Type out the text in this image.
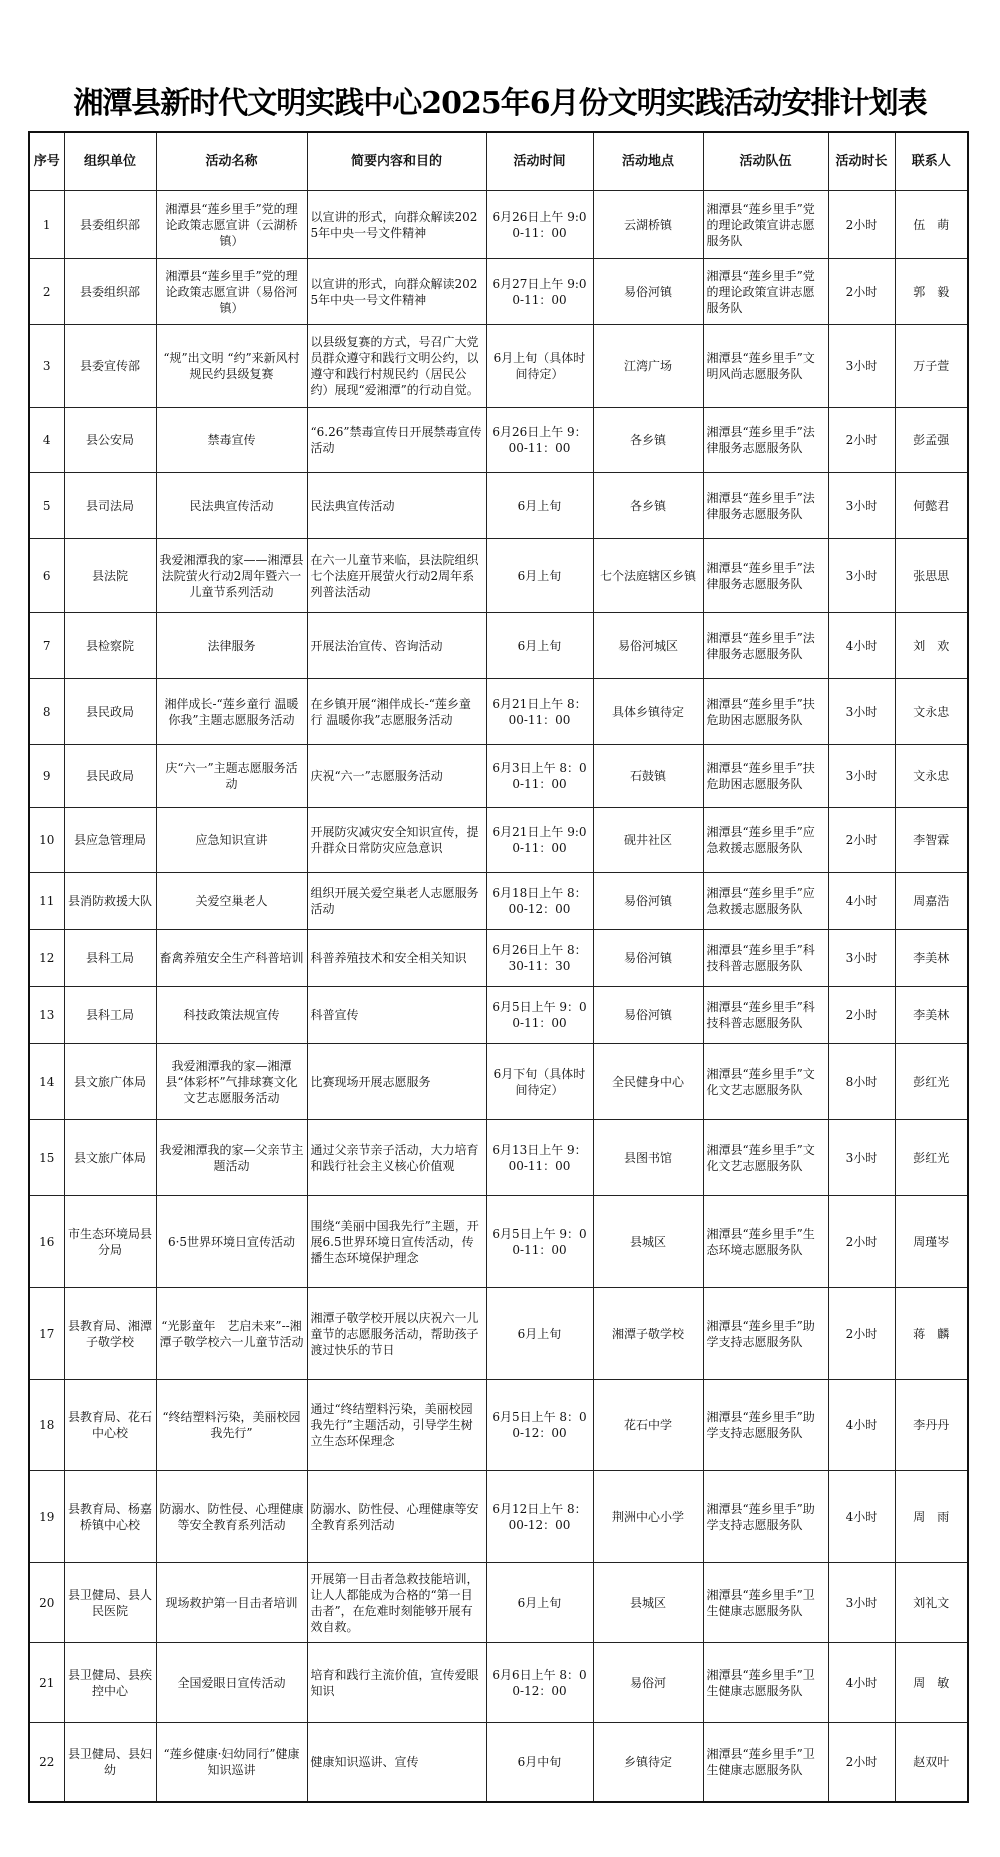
湘潭县新时代文明实践中心2025年6月份文明实践活动安排计划表
序号	组织单位	活动名称	简要内容和目的	活动时间	活动地点	活动队伍	活动时长	联系人
1	县委组织部	湘潭县“莲乡里手”党的理论政策志愿宣讲（云湖桥镇）	以宣讲的形式，向群众解读2025年中央一号文件精神	6月26日上午 9:00-11：00	云湖桥镇	湘潭县“莲乡里手”党的理论政策宣讲志愿服务队	2小时	伍　萌
2	县委组织部	湘潭县“莲乡里手”党的理论政策志愿宣讲（易俗河镇）	以宣讲的形式，向群众解读2025年中央一号文件精神	6月27日上午 9:00-11：00	易俗河镇	湘潭县“莲乡里手”党的理论政策宣讲志愿服务队	2小时	郭　毅
3	县委宣传部	“规”出文明 “约”来新风村规民约县级复赛	以县级复赛的方式，号召广大党员群众遵守和践行文明公约，以遵守和践行村规民约（居民公约）展现“爱湘潭”的行动自觉。	6月上旬（具体时间待定）	江湾广场	湘潭县“莲乡里手”文明风尚志愿服务队	3小时	万子萱
4	县公安局	禁毒宣传	“6.26”禁毒宣传日开展禁毒宣传活动	6月26日上午 9：00-11：00	各乡镇	湘潭县“莲乡里手”法律服务志愿服务队	2小时	彭孟强
5	县司法局	民法典宣传活动	民法典宣传活动	6月上旬	各乡镇	湘潭县“莲乡里手”法律服务志愿服务队	3小时	何懿君
6	县法院	我爱湘潭我的家——湘潭县法院萤火行动2周年暨六一儿童节系列活动	在六一儿童节来临，县法院组织七个法庭开展萤火行动2周年系列普法活动	6月上旬	七个法庭辖区乡镇	湘潭县“莲乡里手”法律服务志愿服务队	3小时	张思思
7	县检察院	法律服务	开展法治宣传、咨询活动	6月上旬	易俗河城区	湘潭县“莲乡里手”法律服务志愿服务队	4小时	刘　欢
8	县民政局	湘伴成长-“莲乡童行 温暖你我”主题志愿服务活动	在乡镇开展“湘伴成长-“莲乡童行 温暖你我”志愿服务活动	6月21日上午 8：00-11：00	具体乡镇待定	湘潭县“莲乡里手”扶危助困志愿服务队	3小时	文永忠
9	县民政局	庆“六一”主题志愿服务活动	庆祝“六一”志愿服务活动	6月3日上午 8：00-11：00	石鼓镇	湘潭县“莲乡里手”扶危助困志愿服务队	3小时	文永忠
10	县应急管理局	应急知识宣讲	开展防灾减灾安全知识宣传，提升群众日常防灾应急意识	6月21日上午 9:00-11：00	砚井社区	湘潭县“莲乡里手”应急救援志愿服务队	2小时	李智霖
11	县消防救援大队	关爱空巢老人	组织开展关爱空巢老人志愿服务活动	6月18日上午 8：00-12：00	易俗河镇	湘潭县“莲乡里手”应急救援志愿服务队	4小时	周嘉浩
12	县科工局	畜禽养殖安全生产科普培训	科普养殖技术和安全相关知识	6月26日上午 8：30-11：30	易俗河镇	湘潭县“莲乡里手”科技科普志愿服务队	3小时	李美林
13	县科工局	科技政策法规宣传	科普宣传	6月5日上午 9：00-11：00	易俗河镇	湘潭县“莲乡里手”科技科普志愿服务队	2小时	李美林
14	县文旅广体局	我爱湘潭我的家—湘潭县“体彩杯”气排球赛文化文艺志愿服务活动	比赛现场开展志愿服务	6月下旬（具体时间待定）	全民健身中心	湘潭县“莲乡里手”文化文艺志愿服务队	8小时	彭红光
15	县文旅广体局	我爱湘潭我的家—父亲节主题活动	通过父亲节亲子活动，大力培育和践行社会主义核心价值观	6月13日上午 9：00-11：00	县图书馆	湘潭县“莲乡里手”文化文艺志愿服务队	3小时	彭红光
16	市生态环境局县分局	6·5世界环境日宣传活动	围绕“美丽中国我先行”主题，开展6.5世界环境日宣传活动，传播生态环境保护理念	6月5日上午 9：00-11：00	县城区	湘潭县“莲乡里手”生态环境志愿服务队	2小时	周瑾岑
17	县教育局、湘潭子敬学校	“光影童年　艺启未来”--湘潭子敬学校六一儿童节活动	湘潭子敬学校开展以庆祝六一儿童节的志愿服务活动，帮助孩子渡过快乐的节日	6月上旬	湘潭子敬学校	湘潭县“莲乡里手”助学支持志愿服务队	2小时	蒋　麟
18	县教育局、花石中心校	“终结塑料污染，美丽校园我先行”	通过“终结塑料污染，美丽校园我先行”主题活动，引导学生树立生态环保理念	6月5日上午 8：00-12：00	花石中学	湘潭县“莲乡里手”助学支持志愿服务队	4小时	李丹丹
19	县教育局、杨嘉桥镇中心校	防溺水、防性侵、心理健康等安全教育系列活动	防溺水、防性侵、心理健康等安全教育系列活动	6月12日上午 8：00-12：00	荆洲中心小学	湘潭县“莲乡里手”助学支持志愿服务队	4小时	周　雨
20	县卫健局、县人民医院	现场救护第一目击者培训	开展第一目击者急救技能培训，让人人都能成为合格的“第一目击者”，在危难时刻能够开展有效自救。	6月上旬	县城区	湘潭县“莲乡里手”卫生健康志愿服务队	3小时	刘礼文
21	县卫健局、县疾控中心	全国爱眼日宣传活动	培育和践行主流价值，宣传爱眼知识	6月6日上午 8：00-12：00	易俗河	湘潭县“莲乡里手”卫生健康志愿服务队	4小时	周　敏
22	县卫健局、县妇幼	“莲乡健康·妇幼同行”健康知识巡讲	健康知识巡讲、宣传	6月中旬	乡镇待定	湘潭县“莲乡里手”卫生健康志愿服务队	2小时	赵双叶
